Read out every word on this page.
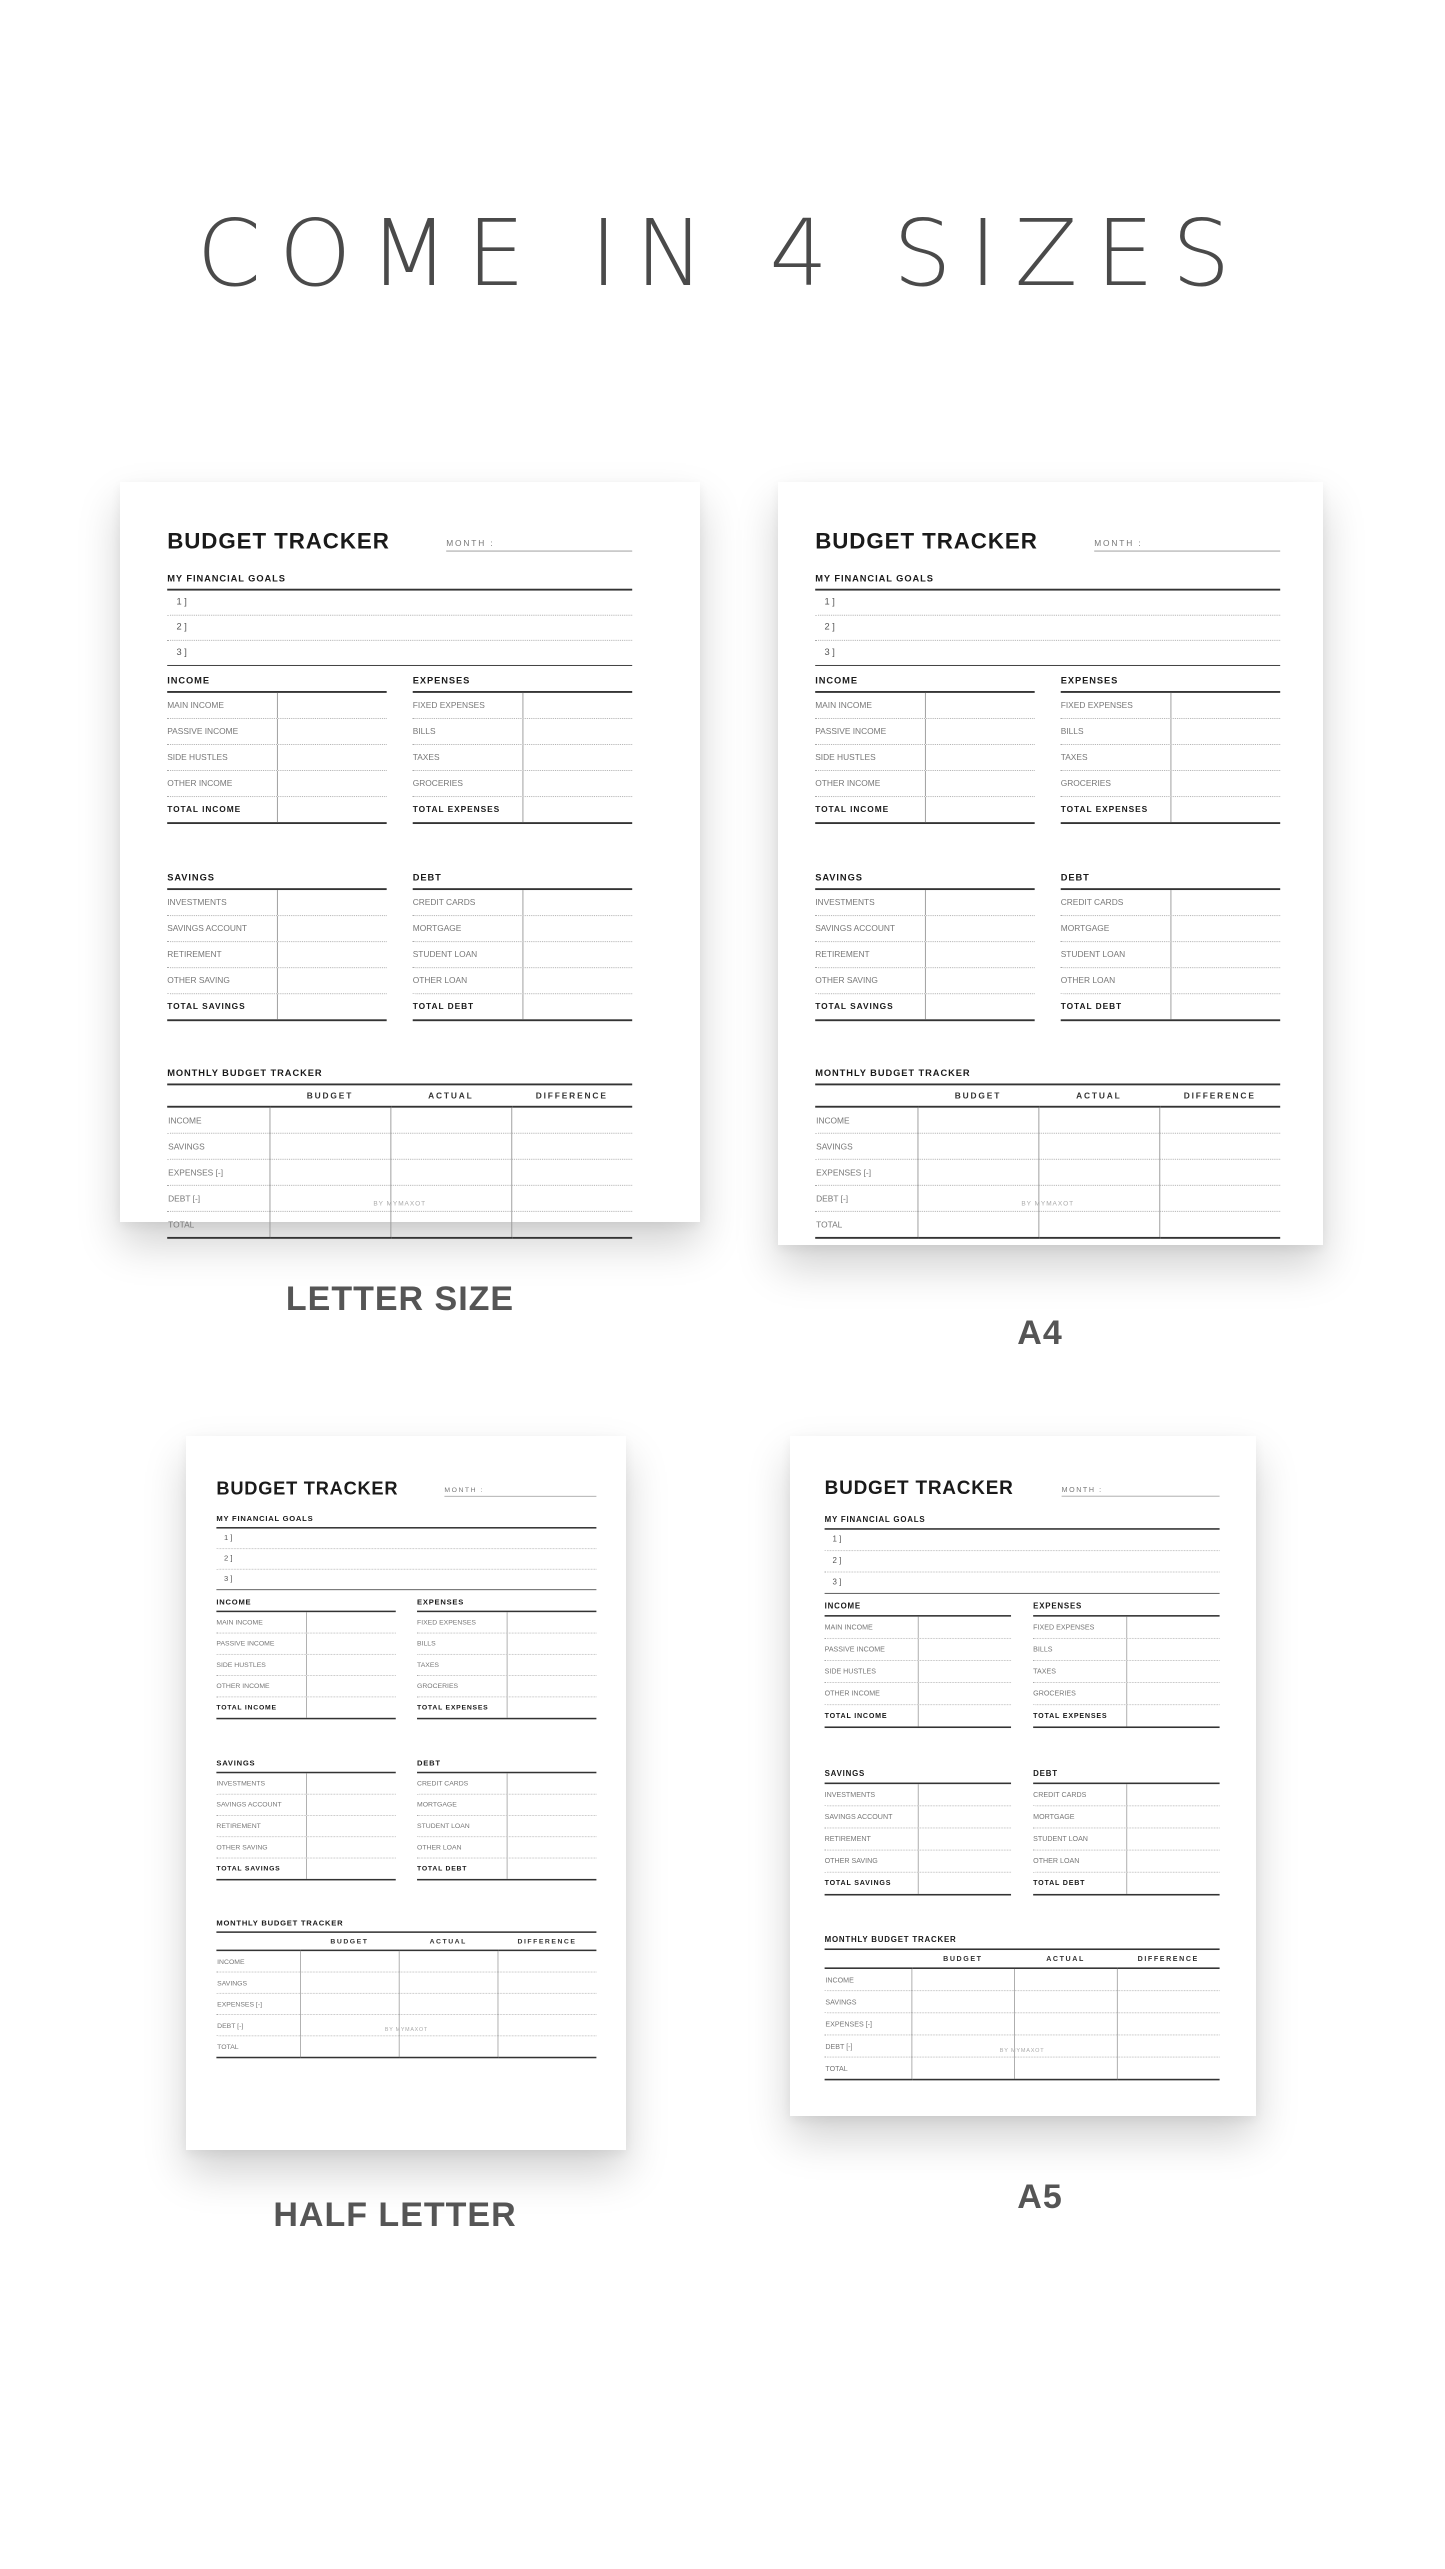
COME IN 4 SIZES
BUDGET TRACKER	MONTH :
MY FINANCIAL GOALS
1 ]
2 ]
3 ]
INCOME
MAIN INCOME
PASSIVE INCOME
SIDE HUSTLES
OTHER INCOME
TOTAL INCOME
EXPENSES
FIXED EXPENSES
BILLS
TAXES
GROCERIES
TOTAL EXPENSES
SAVINGS
INVESTMENTS
SAVINGS ACCOUNT
RETIREMENT
OTHER SAVING
TOTAL SAVINGS
DEBT
CREDIT CARDS
MORTGAGE
STUDENT LOAN
OTHER LOAN
TOTAL DEBT
MONTHLY BUDGET TRACKER
	BUDGET	ACTUAL	DIFFERENCE
INCOME			
SAVINGS			
EXPENSES [-]			
DEBT [-]			
TOTAL			
BY MYMAXOT
BUDGET TRACKER	MONTH :
MY FINANCIAL GOALS
1 ]
2 ]
3 ]
INCOME
MAIN INCOME
PASSIVE INCOME
SIDE HUSTLES
OTHER INCOME
TOTAL INCOME
EXPENSES
FIXED EXPENSES
BILLS
TAXES
GROCERIES
TOTAL EXPENSES
SAVINGS
INVESTMENTS
SAVINGS ACCOUNT
RETIREMENT
OTHER SAVING
TOTAL SAVINGS
DEBT
CREDIT CARDS
MORTGAGE
STUDENT LOAN
OTHER LOAN
TOTAL DEBT
MONTHLY BUDGET TRACKER
	BUDGET	ACTUAL	DIFFERENCE
INCOME			
SAVINGS			
EXPENSES [-]			
DEBT [-]			
TOTAL			
BY MYMAXOT
BUDGET TRACKER	MONTH :
MY FINANCIAL GOALS
1 ]
2 ]
3 ]
INCOME
MAIN INCOME
PASSIVE INCOME
SIDE HUSTLES
OTHER INCOME
TOTAL INCOME
EXPENSES
FIXED EXPENSES
BILLS
TAXES
GROCERIES
TOTAL EXPENSES
SAVINGS
INVESTMENTS
SAVINGS ACCOUNT
RETIREMENT
OTHER SAVING
TOTAL SAVINGS
DEBT
CREDIT CARDS
MORTGAGE
STUDENT LOAN
OTHER LOAN
TOTAL DEBT
MONTHLY BUDGET TRACKER
	BUDGET	ACTUAL	DIFFERENCE
INCOME			
SAVINGS			
EXPENSES [-]			
DEBT [-]			
TOTAL			
BY MYMAXOT
BUDGET TRACKER	MONTH :
MY FINANCIAL GOALS
1 ]
2 ]
3 ]
INCOME
MAIN INCOME
PASSIVE INCOME
SIDE HUSTLES
OTHER INCOME
TOTAL INCOME
EXPENSES
FIXED EXPENSES
BILLS
TAXES
GROCERIES
TOTAL EXPENSES
SAVINGS
INVESTMENTS
SAVINGS ACCOUNT
RETIREMENT
OTHER SAVING
TOTAL SAVINGS
DEBT
CREDIT CARDS
MORTGAGE
STUDENT LOAN
OTHER LOAN
TOTAL DEBT
MONTHLY BUDGET TRACKER
	BUDGET	ACTUAL	DIFFERENCE
INCOME			
SAVINGS			
EXPENSES [-]			
DEBT [-]			
TOTAL			
BY MYMAXOT
LETTER SIZE
A4
HALF LETTER	A5
